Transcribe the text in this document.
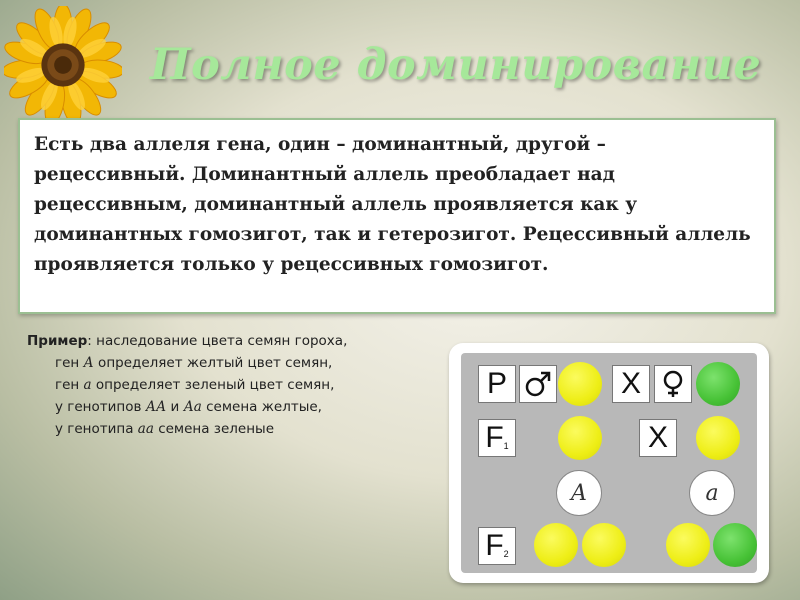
Полное доминирование

Есть два аллеля гена, один – доминантный, другой – рецессивный. Доминантный аллель преобладает над рецессивным, доминантный аллель проявляется как у доминантных гомозигот, так и гетерозигот. Рецессивный аллель проявляется только у рецессивных гомозигот.

Пример: наследование цвета семян гороха,
ген А определяет желтый цвет семян,
ген а определяет зеленый цвет семян,
у генотипов АА и Аа семена желтые,
у генотипа аа семена зеленые
P	X
F 1	X
A	a
F 2
